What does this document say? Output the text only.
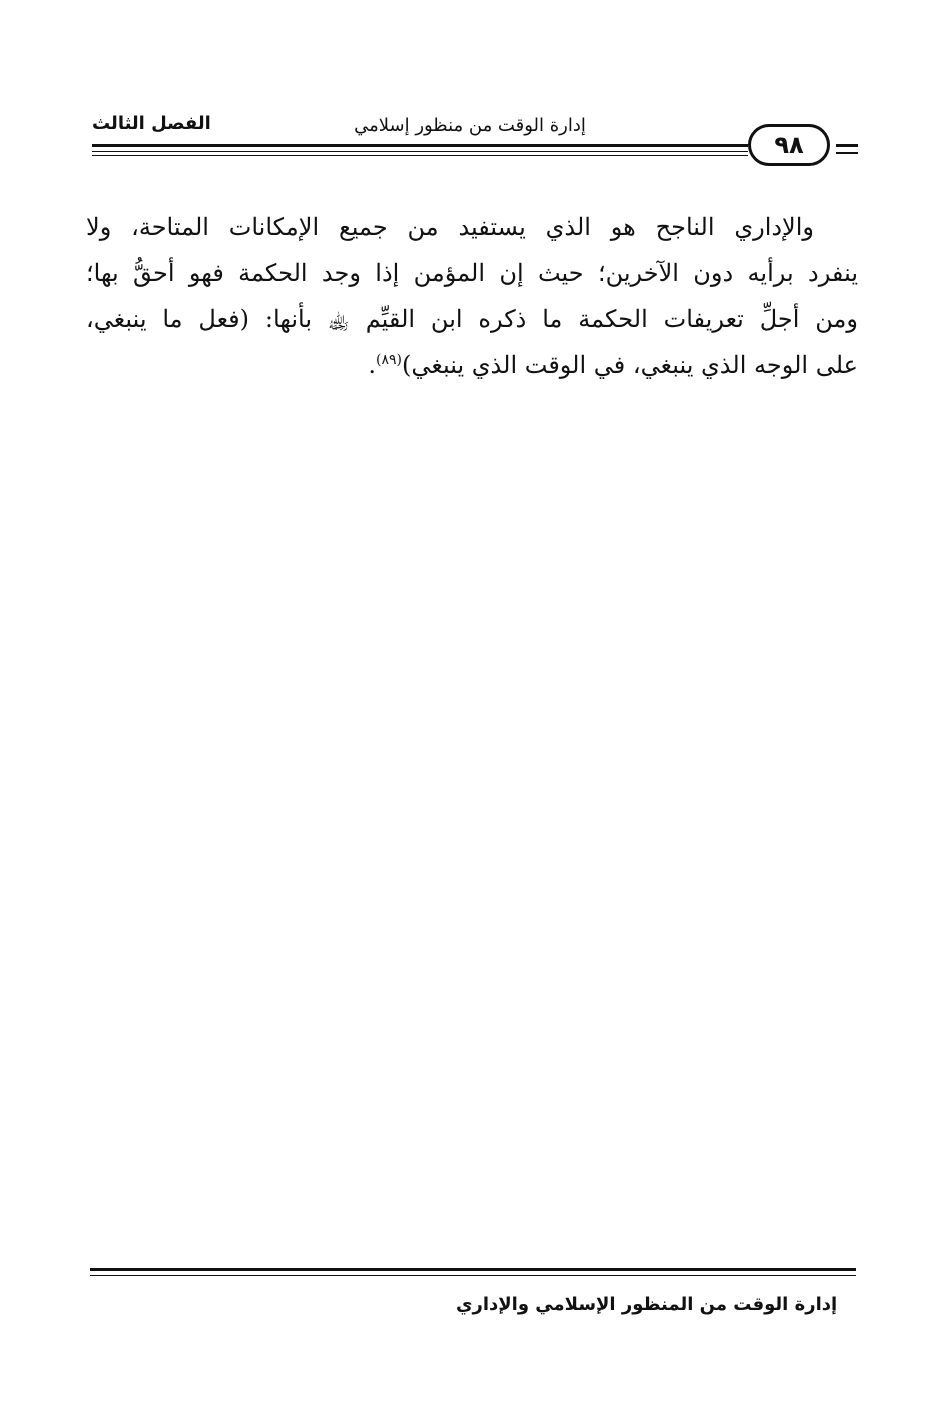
الفصل الثالث	إدارة الوقت من منظور إسلامي
٩٨
والإداري الناجح هو الذي يستفيد من جميع الإمكانات المتاحة، ولا
ينفرد برأيه دون الآخرين؛ حيث إن المؤمن إذا وجد الحكمة فهو أحقُّ بها؛
ومن أجلِّ تعريفات الحكمة ما ذكره ابن القيِّم ﵀ بأنها: (فعل ما ينبغي،
على الوجه الذي ينبغي، في الوقت الذي ينبغي)$^{(٨٩)}$.
إدارة الوقت من المنظور الإسلامي والإداري
